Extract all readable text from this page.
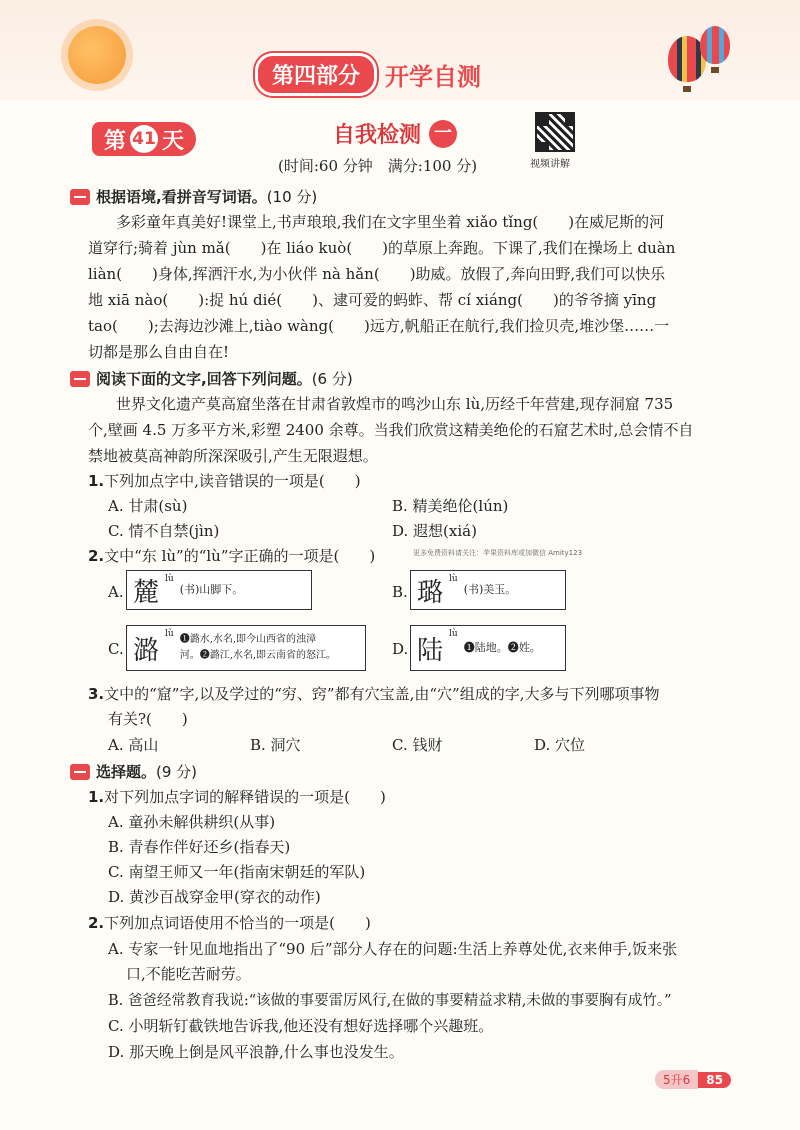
第四部分	开学自测
第 41 天	自我检测 一
视频讲解
(时间:60 分钟　满分:100 分)
根据语境,看拼音写词语。 (10 分)
多彩童年真美好!课堂上,书声琅琅,我们在文字里坐着 xiǎo tǐng(　　)在威尼斯的河
道穿行;骑着 jùn mǎ(　　)在 liáo kuò(　　)的草原上奔跑。下课了,我们在操场上 duàn
liàn(　　)身体,挥洒汗水,为小伙伴 nà hǎn(　　)助威。放假了,奔向田野,我们可以快乐
地 xiā nào(　　):捉 hú dié(　　)、逮可爱的蚂蚱、帮 cí xiáng(　　)的爷爷摘 yīng
tao(　　);去海边沙滩上,tiào wàng(　　)远方,帆船正在航行,我们捡贝壳,堆沙堡……一
切都是那么自由自在!
阅读下面的文字,回答下列问题。 (6 分)
世界文化遗产莫高窟坐落在甘肃省敦煌市的鸣沙山东 lù,历经千年营建,现存洞窟 735
个,壁画 4.5 万多平方米,彩塑 2400 余尊。当我们欣赏这精美绝伦的石窟艺术时,总会情不自
禁地被莫高神韵所深深吸引,产生无限遐想。
1.下列加点字中,读音错误的一项是(　　)
A. 甘肃(sù)	B. 精美绝伦(lún)
C. 情不自禁(jìn)	D. 遐想(xiá)
2.文中“东 lù”的“lù”字正确的一项是(　　)	更多免费资料请关注：苹果资料库或加微信 Amity123
A. 麓 lù
(书)山脚下。	B. 璐 lù
(书)美玉。
C. 潞
lù ❶潞水,水名,即今山西省的浊漳
河。❷潞江,水名,即云南省的怒江。	D. 陆
lù
❶陆地。❷姓。
3.文中的“窟”字,以及学过的“穷、窍”都有穴宝盖,由“穴”组成的字,大多与下列哪项事物
有关?(　　)
A. 高山	B. 洞穴	C. 钱财	D. 穴位
选择题。 (9 分)
1.对下列加点字词的解释错误的一项是(　　)
A. 童孙未解供耕织(从事)
B. 青春作伴好还乡(指春天)
C. 南望王师又一年(指南宋朝廷的军队)
D. 黄沙百战穿金甲(穿衣的动作)
2.下列加点词语使用不恰当的一项是(　　)
A. 专家一针见血地指出了“90 后”部分人存在的问题:生活上养尊处优,衣来伸手,饭来张
口,不能吃苦耐劳。
B. 爸爸经常教育我说:“该做的事要雷厉风行,在做的事要精益求精,未做的事要胸有成竹。”
C. 小明斩钉截铁地告诉我,他还没有想好选择哪个兴趣班。
D. 那天晚上倒是风平浪静,什么事也没发生。
5升6	85
